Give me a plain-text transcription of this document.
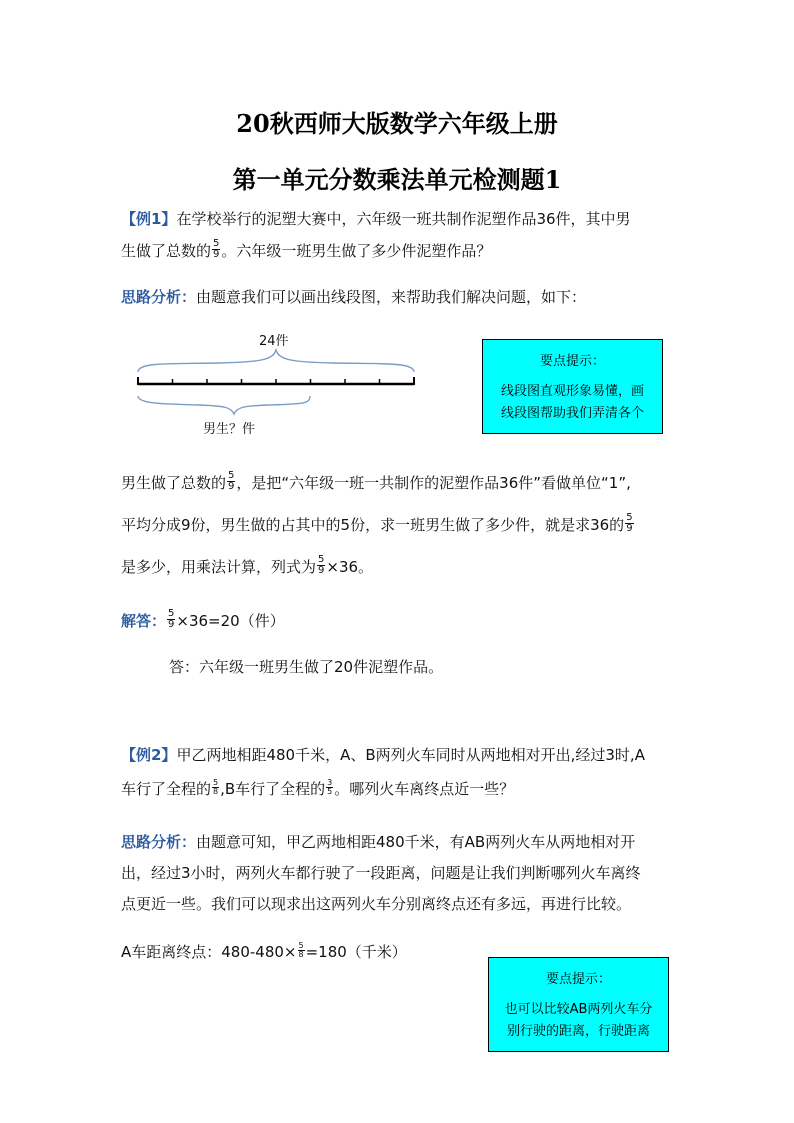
20秋西师大版数学六年级上册
第一单元分数乘法单元检测题1
【例1】在学校举行的泥塑大赛中，六年级一班共制作泥塑作品36件，其中男
生做了总数的 $\frac{5}{9}$ 。六年级一班男生做了多少件泥塑作品？
思路分析：由题意我们可以画出线段图，来帮助我们解决问题，如下：
24件
男生？件
要点提示：
线段图直观形象易懂，画
线段图帮助我们弄清各个
男生做了总数的 $\frac{5}{9}$ ，是把“六年级一班一共制作的泥塑作品36件”看做单位“1”,
平均分成9份，男生做的占其中的5份，求一班男生做了多少件，就是求36的 $\frac{5}{9}$
是多少，用乘法计算，列式为 $\frac{5}{9} \times 36$。
解答： $\frac{5}{9} \times 36=20$（件）
答：六年级一班男生做了20件泥塑作品。
【例2】甲乙两地相距480千米，A、B两列火车同时从两地相对开出,经过3时,A
车行了全程的 $\frac{5}{8} ,B$车行了全程的 $\frac{3}{5}$ 。哪列火车离终点近一些？
思路分析：由题意可知，甲乙两地相距480千米，有AB两列火车从两地相对开
出，经过3小时，两列火车都行驶了一段距离，问题是让我们判断哪列火车离终
点更近一些。我们可以现求出这两列火车分别离终点还有多远，再进行比较。
A车距离终点：$480-480\times \frac{5}{8} =180$（千米）
要点提示：
也可以比较AB两列火车分
别行驶的距离，行驶距离
